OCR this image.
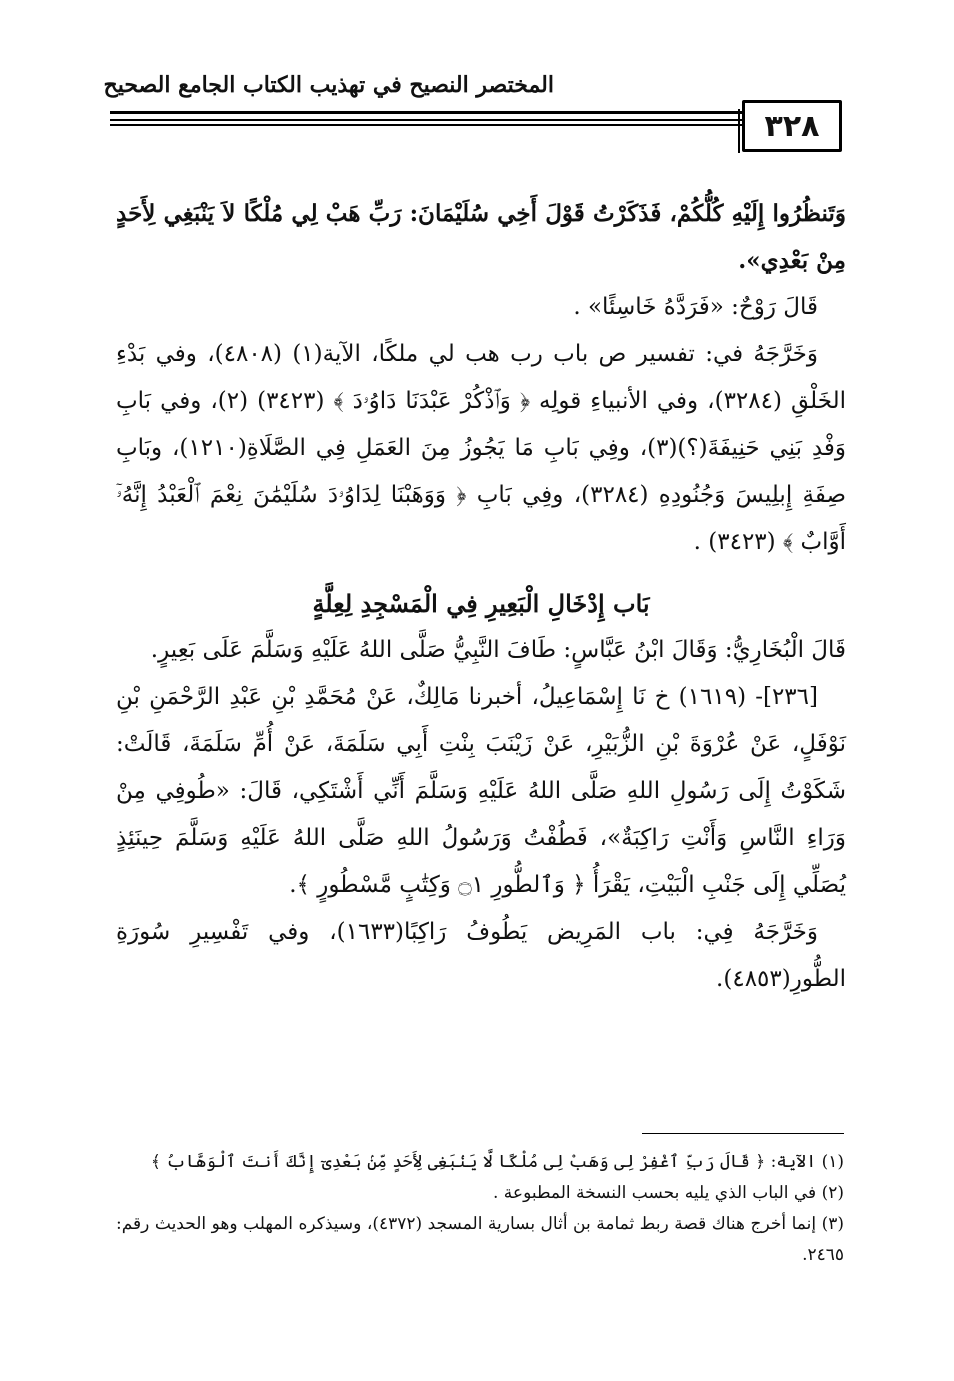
المختصر النصيح في تهذيب الكتاب الجامع الصحيح
٣٢٨

وَتَنظُرُوا إِلَيْهِ كُلُّكُمْ، فَذَكَرْتُ قَوْلَ أَخِي سُلَيْمَانَ: رَبِّ هَبْ لِي مُلْكًا لاَ يَنْبَغِي لِأَحَدٍ مِنْ بَعْدِي».

قَالَ رَوْحٌ: «فَرَدَّهُ خَاسِئًا» .

وَخَرَّجَهُ في: تفسير ص باب رب هب لي ملكًا، الآية(١) (٤٨٠٨)، وفي بَدْءِ الخَلْقِ (٣٢٨٤)، وفي الأنبياءِ قولِه ﴿ وَٱذْكُرْ عَبْدَنَا دَاوُۥدَ ﴾ (٣٤٢٣) (٢)، وفي بَابِ وَفْدِ بَنِي حَنِيفَةَ(؟)(٣)، وفِي بَابِ مَا يَجُوزُ مِنَ العَمَلِ فِي الصَّلَاةِ(١٢١٠)، وبَابِ صِفَةِ إِبلِيسَ وَجُنُودِهِ (٣٢٨٤)، وفِي بَابِ ﴿ وَوَهَبْنَا لِدَاوُۥدَ سُلَيْمَٰنَ نِعْمَ ٱلْعَبْدُ إِنَّهُۥٓ أَوَّابٌ ﴾ (٣٤٢٣) .

بَاب إِدْخَالِ الْبَعِيرِ فِي الْمَسْجِدِ لِعِلَّةٍ

قَالَ الْبُخَارِيُّ: وَقَالَ ابْنُ عَبَّاسٍ: طَافَ النَّبِيُّ صَلَّى اللهُ عَلَيْهِ وَسَلَّمَ عَلَى بَعِيرٍ.

[٢٣٦]- (١٦١٩) خ نَا إِسْمَاعِيلُ، أخبرنا مَالِكٌ، عَنْ مُحَمَّدِ بْنِ عَبْدِ الرَّحْمَنِ بْنِ نَوْفَلٍ، عَنْ عُرْوَةَ بْنِ الزُّبَيْرِ، عَنْ زَيْنَبَ بِنْتِ أَبِي سَلَمَةَ، عَنْ أُمِّ سَلَمَةَ، قَالَتْ: شَكَوْتُ إِلَى رَسُولِ اللهِ صَلَّى اللهُ عَلَيْهِ وَسَلَّمَ أَنِّي أَشْتَكِي، قَالَ: «طُوفِي مِنْ وَرَاءِ النَّاسِ وَأَنْتِ رَاكِبَةٌ»، فَطُفْتُ وَرَسُولُ اللهِ صَلَّى اللهُ عَلَيْهِ وَسَلَّمَ حِينَئِذٍ يُصَلِّي إِلَى جَنْبِ الْبَيْتِ، يَقْرَأُ ﴿ وَٱلطُّورِ ۝١ وَكِتَٰبٍ مَّسْطُورٍ ﴾.

وَخَرَّجَهُ فِي: باب المَرِيض يَطُوفُ رَاكِبًا(١٦٣٣)، وفي تَفْسِيرِ سُورَةِ الطُّورِ(٤٨٥٣).

(١) الآية: ﴿ قَالَ رَبِّ ٱغْفِرْ لِى وَهَبْ لِى مُلْكًا لَّا يَنۢبَغِى لِأَحَدٍ مِّنۢ بَعْدِىٓ إِنَّكَ أَنتَ ٱلْوَهَّابُ ﴾

(٢) في الباب الذي يليه بحسب النسخة المطبوعة .

(٣) إنما أخرج هناك قصة ربط ثمامة بن أثال بسارية المسجد (٤٣٧٢)، وسيذكره المهلب وهو الحديث رقم: ٢٤٦٥.
